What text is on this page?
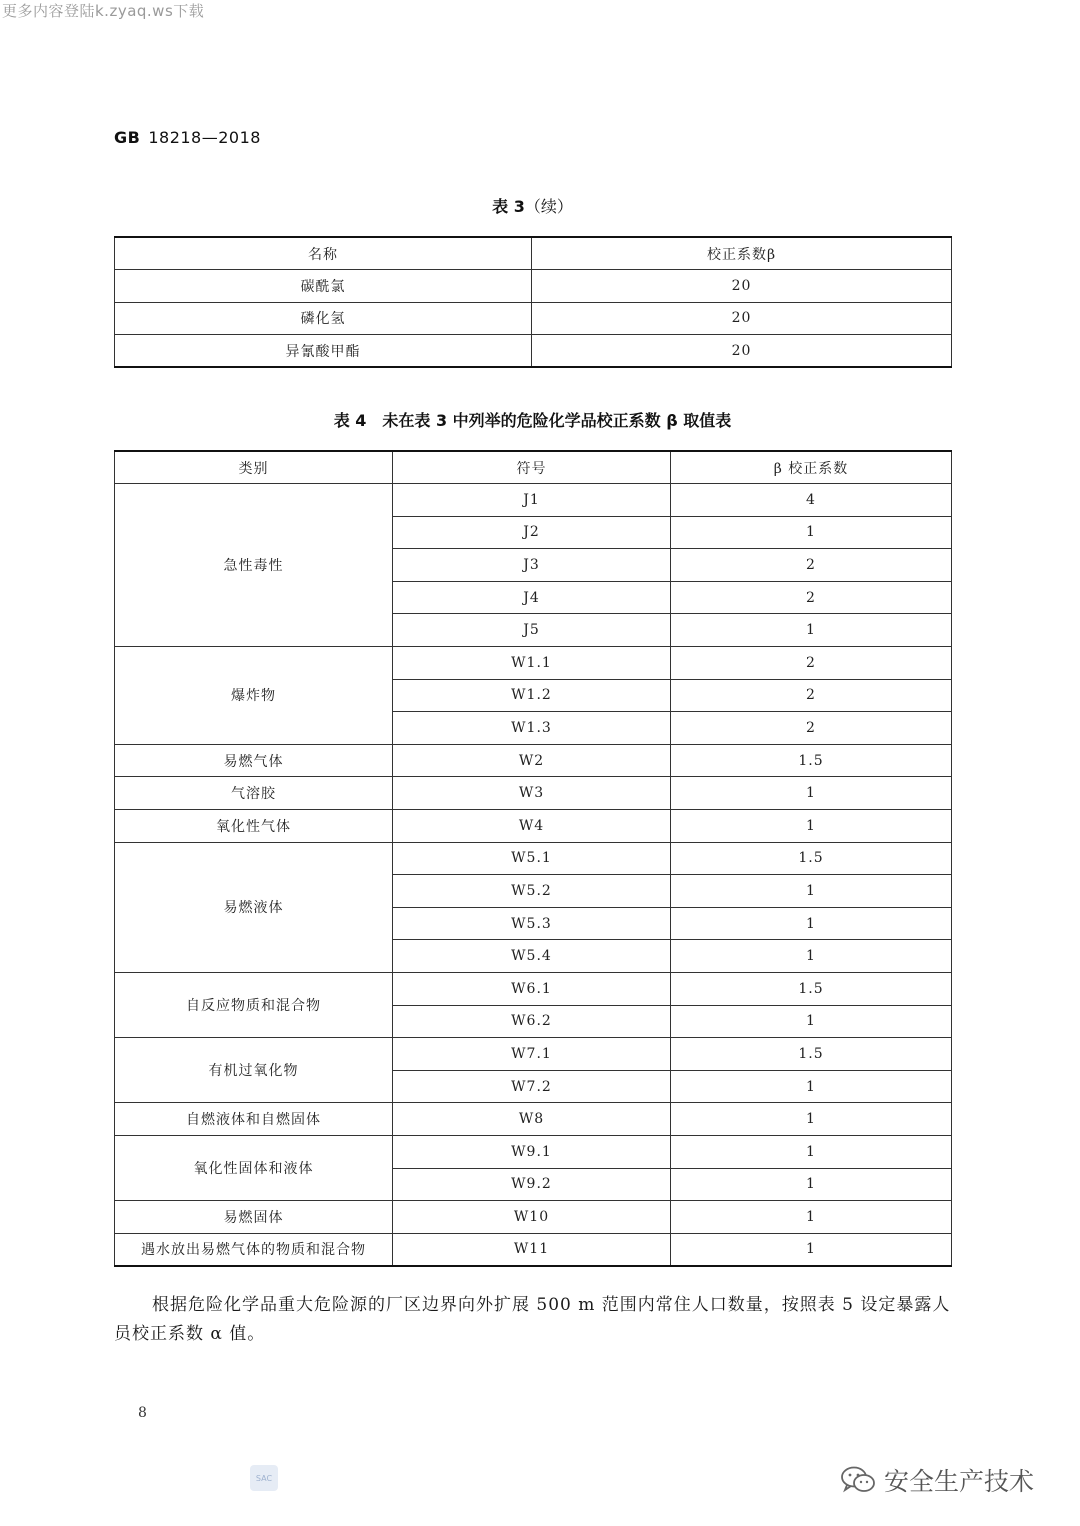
更多内容登陆k.zyaq.ws下载
GB 18218—2018
表 3（续）
名称	校正系数β
碳酰氯	20
磷化氢	20
异氰酸甲酯	20
表 4　未在表 3 中列举的危险化学品校正系数 β 取值表
类别	符号	β 校正系数
急性毒性	J1	4
	J2	1
	J3	2
	J4	2
	J5	1
爆炸物	W1.1	2
	W1.2	2
	W1.3	2
易燃气体	W2	1.5
气溶胶	W3	1
氧化性气体	W4	1
易燃液体	W5.1	1.5
	W5.2	1
	W5.3	1
	W5.4	1
自反应物质和混合物	W6.1	1.5
	W6.2	1
有机过氧化物	W7.1	1.5
	W7.2	1
自燃液体和自燃固体	W8	1
氧化性固体和液体	W9.1	1
	W9.2	1
易燃固体	W10	1
遇水放出易燃气体的物质和混合物	W11	1
根据危险化学品重大危险源的厂区边界向外扩展 500 m 范围内常住人口数量，按照表 5 设定暴露人员校正系数 α 值。
8
SAC	安全生产技术
